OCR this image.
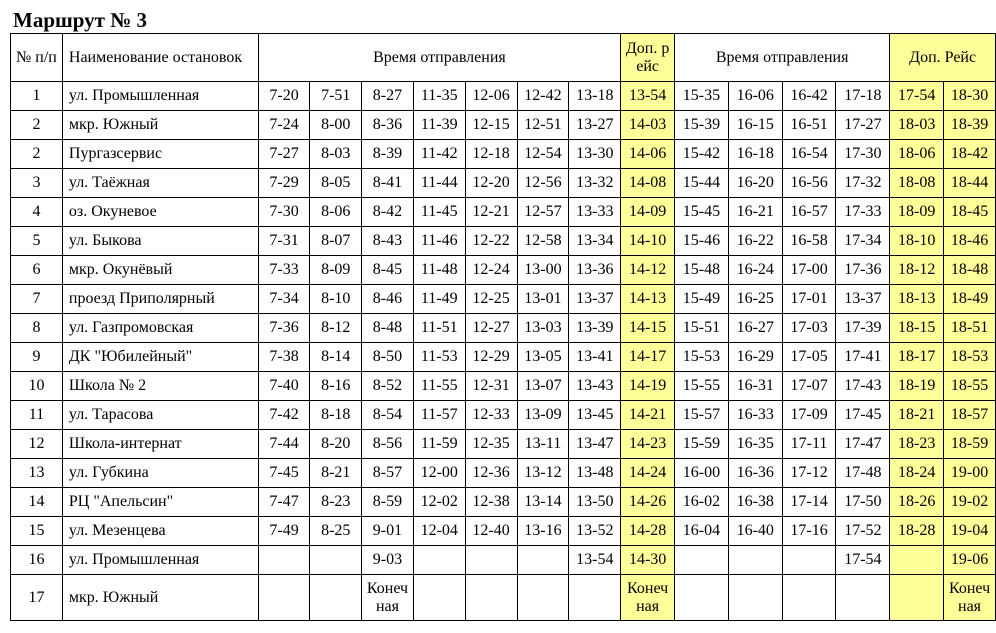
Маршрут № 3
№ п/п	Наименование остановок	Время отправления							Доп. рейс	Время отправления				Доп. Рейс	
1	ул. Промышленная	7-20	7-51	8-27	11-35	12-06	12-42	13-18	13-54	15-35	16-06	16-42	17-18	17-54	18-30
2	мкр. Южный	7-24	8-00	8-36	11-39	12-15	12-51	13-27	14-03	15-39	16-15	16-51	17-27	18-03	18-39
2	Пургазсервис	7-27	8-03	8-39	11-42	12-18	12-54	13-30	14-06	15-42	16-18	16-54	17-30	18-06	18-42
3	ул. Таёжная	7-29	8-05	8-41	11-44	12-20	12-56	13-32	14-08	15-44	16-20	16-56	17-32	18-08	18-44
4	оз. Окуневое	7-30	8-06	8-42	11-45	12-21	12-57	13-33	14-09	15-45	16-21	16-57	17-33	18-09	18-45
5	ул. Быкова	7-31	8-07	8-43	11-46	12-22	12-58	13-34	14-10	15-46	16-22	16-58	17-34	18-10	18-46
6	мкр. Окунёвый	7-33	8-09	8-45	11-48	12-24	13-00	13-36	14-12	15-48	16-24	17-00	17-36	18-12	18-48
7	проезд Приполярный	7-34	8-10	8-46	11-49	12-25	13-01	13-37	14-13	15-49	16-25	17-01	13-37	18-13	18-49
8	ул. Газпромовская	7-36	8-12	8-48	11-51	12-27	13-03	13-39	14-15	15-51	16-27	17-03	17-39	18-15	18-51
9	ДК "Юбилейный"	7-38	8-14	8-50	11-53	12-29	13-05	13-41	14-17	15-53	16-29	17-05	17-41	18-17	18-53
10	Школа № 2	7-40	8-16	8-52	11-55	12-31	13-07	13-43	14-19	15-55	16-31	17-07	17-43	18-19	18-55
11	ул. Тарасова	7-42	8-18	8-54	11-57	12-33	13-09	13-45	14-21	15-57	16-33	17-09	17-45	18-21	18-57
12	Школа-интернат	7-44	8-20	8-56	11-59	12-35	13-11	13-47	14-23	15-59	16-35	17-11	17-47	18-23	18-59
13	ул. Губкина	7-45	8-21	8-57	12-00	12-36	13-12	13-48	14-24	16-00	16-36	17-12	17-48	18-24	19-00
14	РЦ "Апельсин"	7-47	8-23	8-59	12-02	12-38	13-14	13-50	14-26	16-02	16-38	17-14	17-50	18-26	19-02
15	ул. Мезенцева	7-49	8-25	9-01	12-04	12-40	13-16	13-52	14-28	16-04	16-40	17-16	17-52	18-28	19-04
16	ул. Промышленная			9-03				13-54	14-30				17-54		19-06
17	мкр. Южный			Конечная					Конечная						Конечная
